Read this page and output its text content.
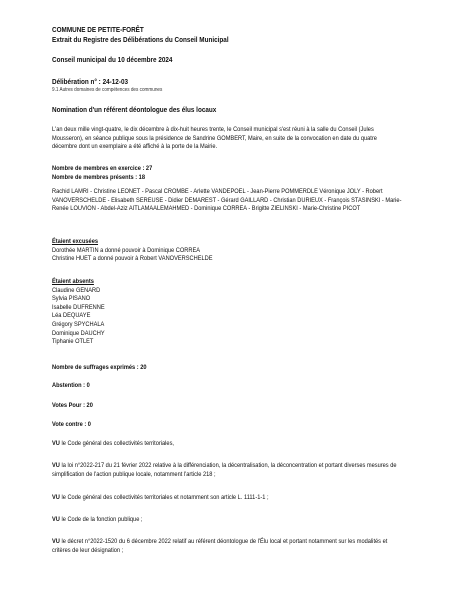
COMMUNE DE PETITE-FORÊT
Extrait du Registre des Délibérations du Conseil Municipal
Conseil municipal du 10 décembre 2024
Délibération n° : 24-12-03
9.1 Autres domaines de compétences des communes
Nomination d'un référent déontologue des élus locaux

L'an deux mille vingt-quatre, le dix décembre à dix-huit heures trente, le Conseil municipal s'est réuni à la salle du Conseil (Jules Mousseron), en séance publique sous la présidence de Sandrine GOMBERT, Maire, en suite de la convocation en date du quatre décembre dont un exemplaire a été affiché à la porte de la Mairie.

Nombre de membres en exercice : 27
Nombre de membres présents : 18

Rachid LAMRI - Christine LEONET - Pascal CROMBE - Arlette VANDEPOEL - Jean-Pierre POMMERDLE Véronique JOLY - Robert VANOVERSCHELDE - Elisabeth SEREUSE - Didier DEMAREST - Gérard GAILLARD - Christian DURIEUX - François STASINSKI - Marie-Renée LOUVION - Abdel-Aziz AITLAMAALEMAHMED - Dominique CORREA - Brigitte ZIELINSKI - Marie-Christine PICOT

Étaient excusées
Dorothée MARTIN a donné pouvoir à Dominique CORREA
Christine HUET a donné pouvoir à Robert VANOVERSCHELDE
Étaient absents
Claudine GENARD
Sylvia PISANO
Isabelle DUFRENNE
Léa DEQUAYE
Grégory SPYCHALA
Dominique DAUCHY
Tiphanie OTLET
Nombre de suffrages exprimés : 20
Abstention : 0
Votes Pour : 20
Vote contre : 0

VU le Code général des collectivités territoriales,

VU la loi n°2022-217 du 21 février 2022 relative à la différenciation, la décentralisation, la déconcentration et portant diverses mesures de simplification de l'action publique locale, notamment l'article 218 ;

VU le Code général des collectivités territoriales et notamment son article L. 1111-1-1 ;

VU le Code de la fonction publique ;

VU le décret n°2022-1520 du 6 décembre 2022 relatif au référent déontologue de l'Élu local et portant notamment sur les modalités et critères de leur désignation ;
